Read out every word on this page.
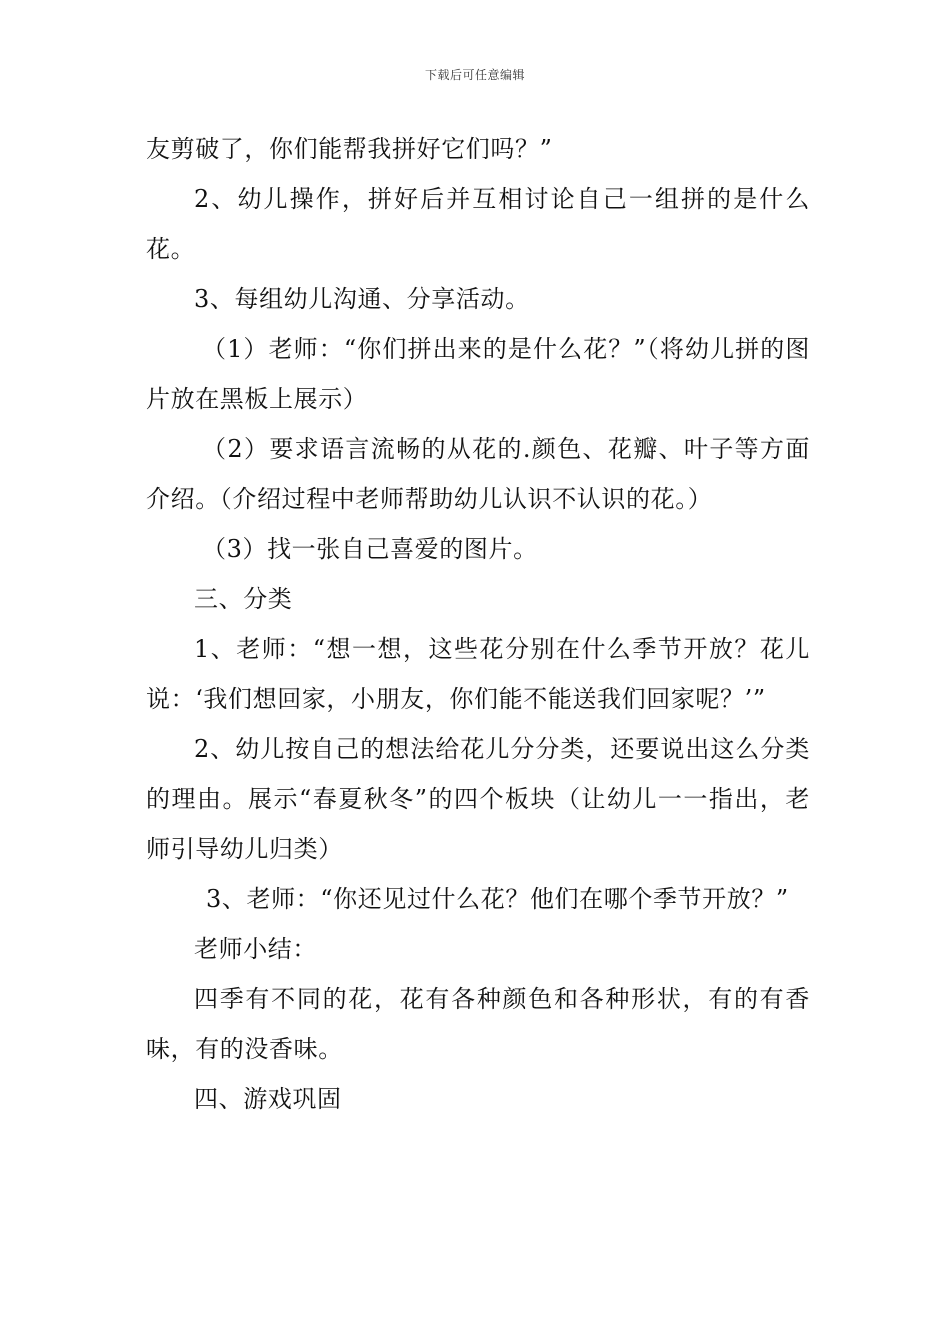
下载后可任意编辑

友剪破了，你们能帮我拼好它们吗？”

2、幼儿操作，拼好后并互相讨论自己一组拼的是什么花。

3、每组幼儿沟通、分享活动。

（1）老师：“你们拼出来的是什么花？”（将幼儿拼的图片放在黑板上展示）

（2）要求语言流畅的从花的.颜色、花瓣、叶子等方面介绍。（介绍过程中老师帮助幼儿认识不认识的花。）

（3）找一张自己喜爱的图片。

三、分类

1、老师：“想一想，这些花分别在什么季节开放？花儿说：‘我们想回家，小朋友，你们能不能送我们回家呢？’”

2、幼儿按自己的想法给花儿分分类，还要说出这么分类的理由。展示“春夏秋冬”的四个板块（让幼儿一一指出，老师引导幼儿归类）

3、老师：“你还见过什么花？他们在哪个季节开放？”

老师小结：

四季有不同的花，花有各种颜色和各种形状，有的有香味，有的没香味。

四、游戏巩固
